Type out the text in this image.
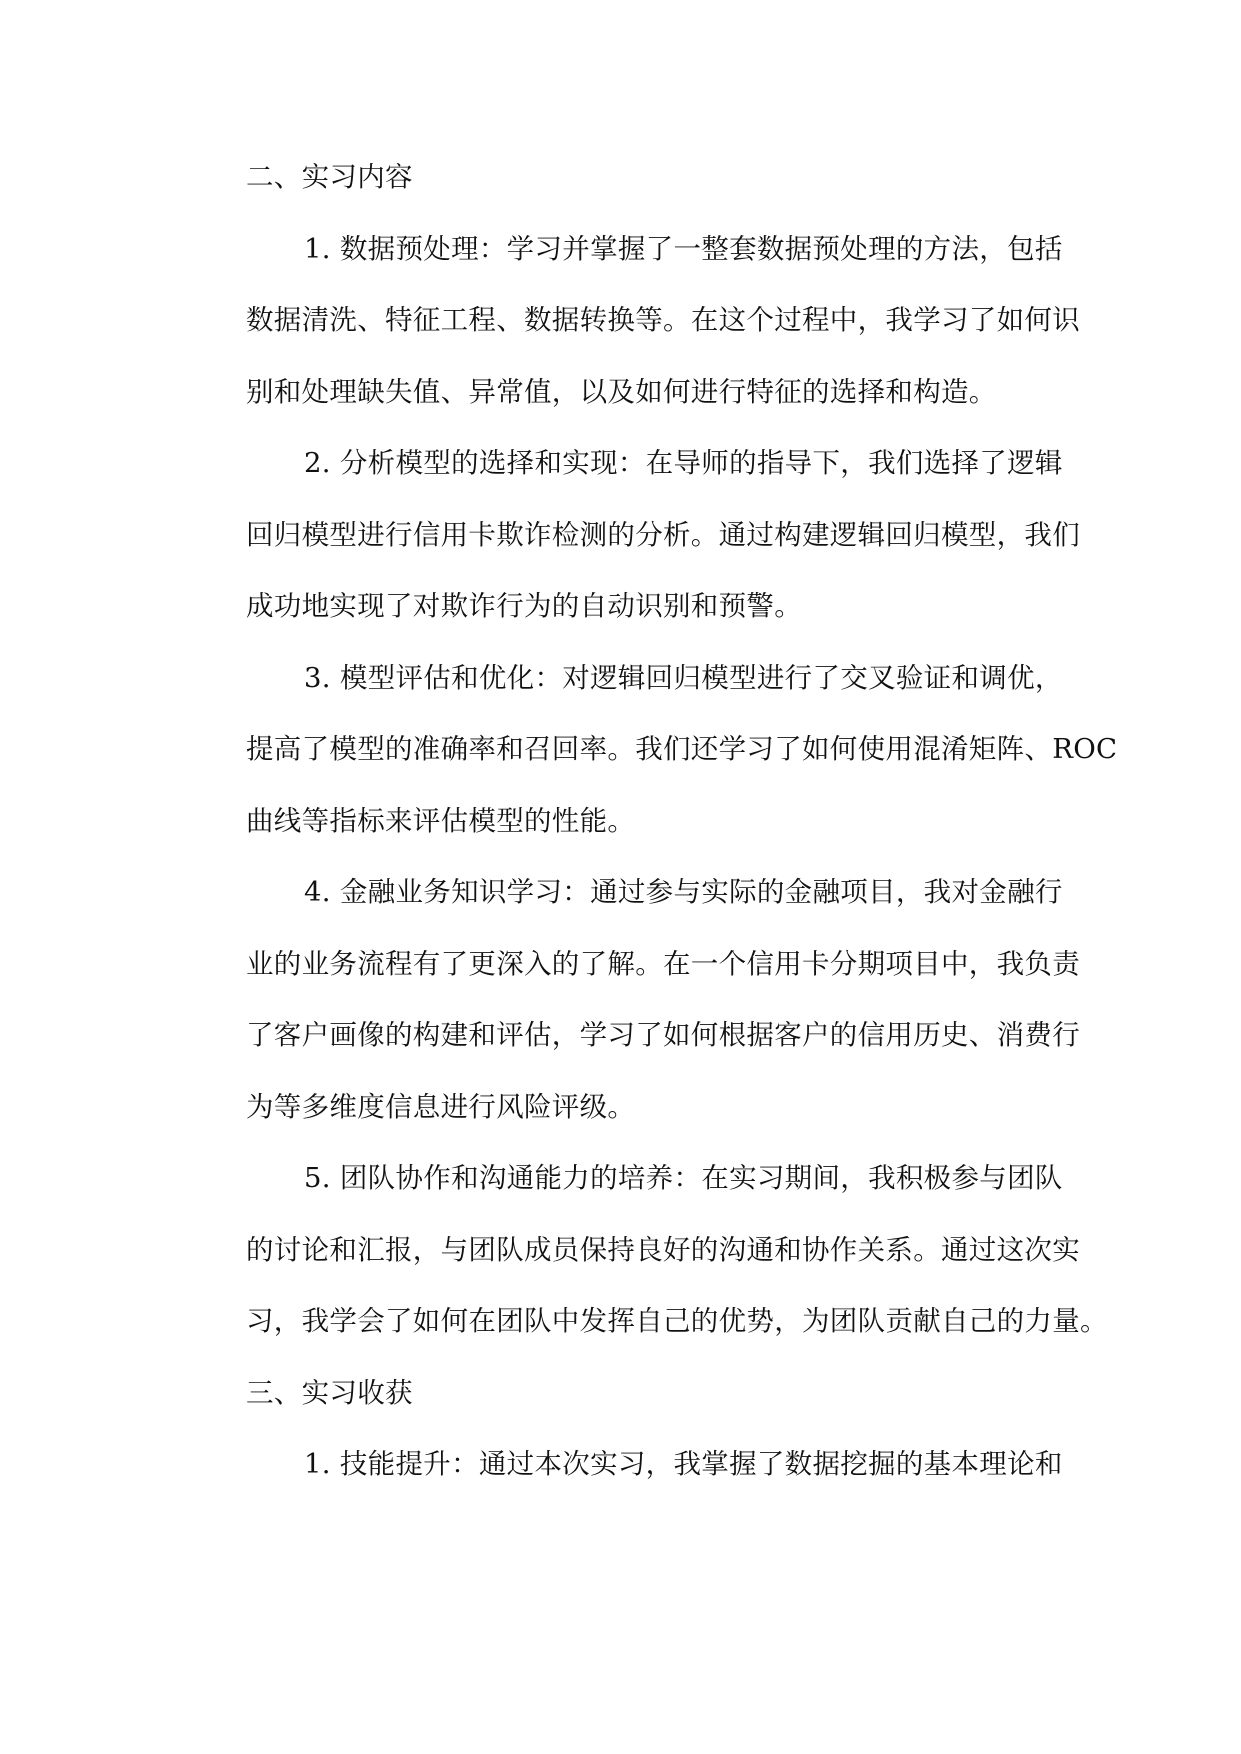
二、实习内容

1. 数据预处理：学习并掌握了一整套数据预处理的方法，包括
数据清洗、特征工程、数据转换等。在这个过程中，我学习了如何识
别和处理缺失值、异常值，以及如何进行特征的选择和构造。
2. 分析模型的选择和实现：在导师的指导下，我们选择了逻辑
回归模型进行信用卡欺诈检测的分析。通过构建逻辑回归模型，我们
成功地实现了对欺诈行为的自动识别和预警。
3. 模型评估和优化：对逻辑回归模型进行了交叉验证和调优，
提高了模型的准确率和召回率。我们还学习了如何使用混淆矩阵、ROC
曲线等指标来评估模型的性能。
4. 金融业务知识学习：通过参与实际的金融项目，我对金融行
业的业务流程有了更深入的了解。在一个信用卡分期项目中，我负责
了客户画像的构建和评估，学习了如何根据客户的信用历史、消费行
为等多维度信息进行风险评级。
5. 团队协作和沟通能力的培养：在实习期间，我积极参与团队
的讨论和汇报，与团队成员保持良好的沟通和协作关系。通过这次实
习，我学会了如何在团队中发挥自己的优势，为团队贡献自己的力量。

三、实习收获

1. 技能提升：通过本次实习，我掌握了数据挖掘的基本理论和
